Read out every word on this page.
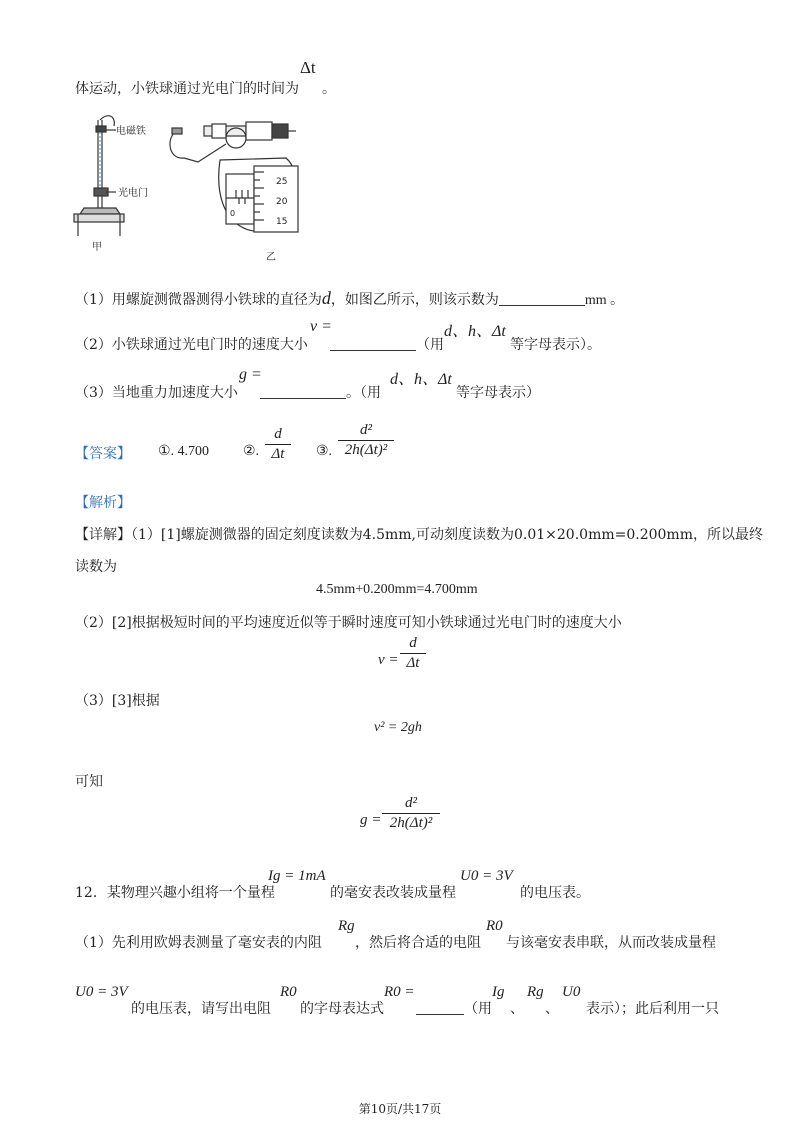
体运动，小铁球通过光电门的时间为
Δt
。
电磁铁
光电门
甲
25
20
15
0
乙
（1）用螺旋测微器测得小铁球的直径为d，如图乙所示，则该示数为	mm 。
（2）小铁球通过光电门时的速度大小
v =
（用
d、h、Δt
等字母表示）。
（3）当地重力加速度大小
g =
。（用
d、h、Δt
等字母表示）
【答案】 ①. 4.700 ②.
d
Δt	③.
d²
2h(Δt)²
【解析】
【详解】（1）[1]螺旋测微器的固定刻度读数为4.5mm,可动刻度读数为0.01×20.0mm=0.200mm，所以最终
读数为
4.5mm+0.200mm=4.700mm
（2）[2]根据极短时间的平均速度近似等于瞬时速度可知小铁球通过光电门时的速度大小
v =
d
Δt
（3）[3]根据
v² = 2gh
可知
g =
d²
2h(Δt)²
12．某物理兴趣小组将一个量程
Ig = 1mA
的毫安表改装成量程
U0 = 3V
的电压表。
（1）先利用欧姆表测量了毫安表的内阻
Rg
，然后将合适的电阻
R0
与该毫安表串联，从而改装成量程
U0 = 3V
的电压表，请写出电阻
R0
的字母表达式
R0 =
（用
Ig
、
Rg
、
U0
表示）；此后利用一只
第10页/共17页
